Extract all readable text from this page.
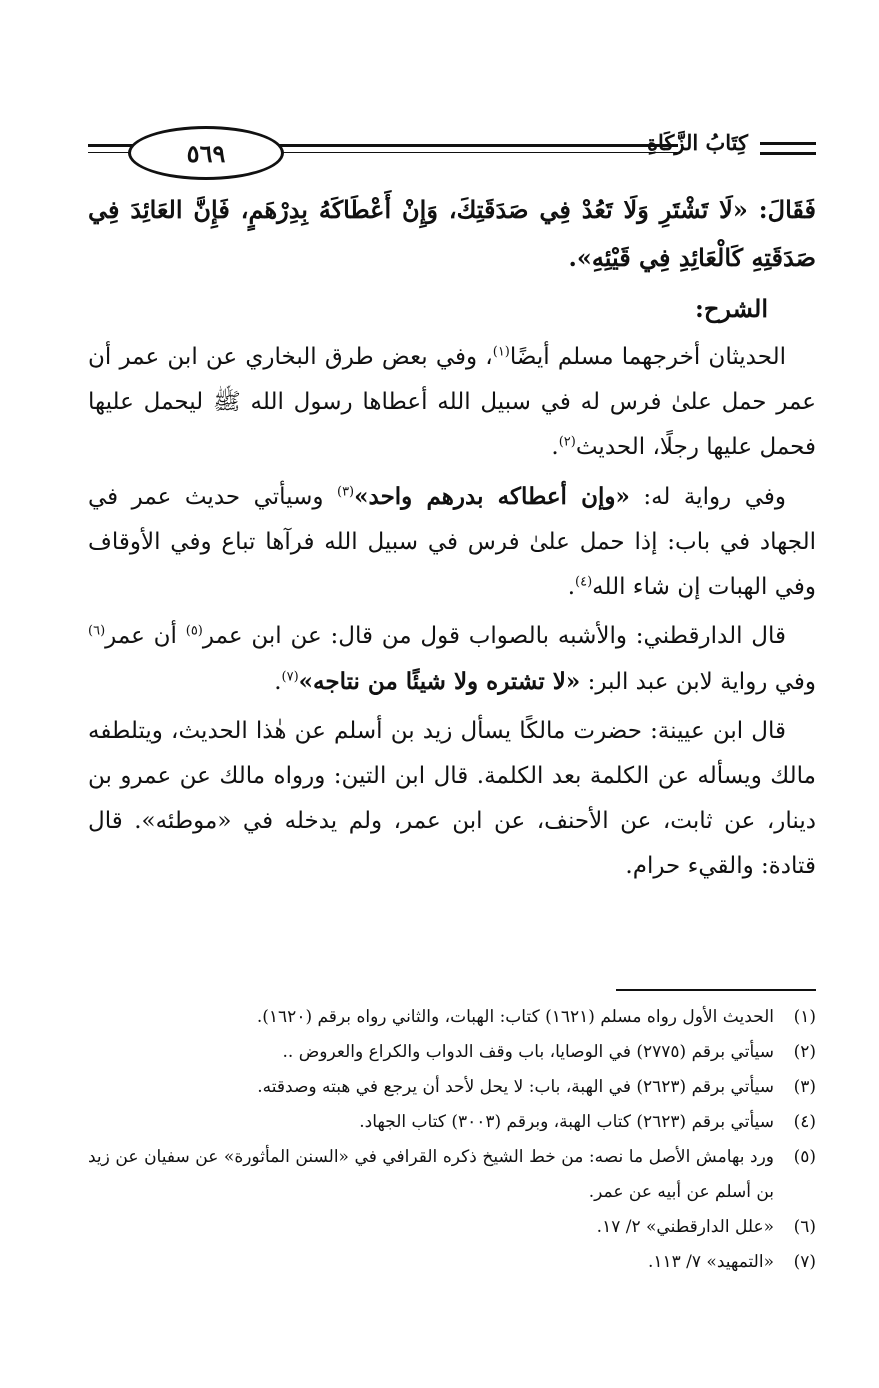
٥٦٩	كِتَابُ الزَّكَاةِ

فَقَالَ: «لَا تَشْتَرِ وَلَا تَعُدْ فِي صَدَقَتِكَ، وَإِنْ أَعْطَاكَهُ بِدِرْهَمٍ، فَإِنَّ العَائِدَ فِي صَدَقَتِهِ كَالْعَائِدِ فِي قَيْئِهِ».

الشرح:

الحديثان أخرجهما مسلم أيضًا$^{(١)}$، وفي بعض طرق البخاري عن ابن عمر أن عمر حمل علىٰ فرس له في سبيل الله أعطاها رسول الله ﷺ ليحمل عليها فحمل عليها رجلًا، الحديث$^{(٢)}$.

وفي رواية له: «وإن أعطاكه بدرهم واحد»$^{(٣)}$ وسيأتي حديث عمر في الجهاد في باب: إذا حمل علىٰ فرس في سبيل الله فرآها تباع وفي الأوقاف وفي الهبات إن شاء الله$^{(٤)}$.

قال الدارقطني: والأشبه بالصواب قول من قال: عن ابن عمر$^{(٥)}$ أن عمر$^{(٦)}$ وفي رواية لابن عبد البر: «لا تشتره ولا شيئًا من نتاجه»$^{(٧)}$.

قال ابن عيينة: حضرت مالكًا يسأل زيد بن أسلم عن هٰذا الحديث، ويتلطفه مالك ويسأله عن الكلمة بعد الكلمة. قال ابن التين: ورواه مالك عن عمرو بن دينار، عن ثابت، عن الأحنف، عن ابن عمر، ولم يدخله في «موطئه». قال قتادة: والقيء حرام.

(١)
الحديث الأول رواه مسلم (١٦٢١) كتاب: الهبات، والثاني رواه برقم (١٦٢٠).
(٢)
سيأتي برقم (٢٧٧٥) في الوصايا، باب وقف الدواب والكراع والعروض ..
(٣)
سيأتي برقم (٢٦٢٣) في الهبة، باب: لا يحل لأحد أن يرجع في هبته وصدقته.
(٤)
سيأتي برقم (٢٦٢٣) كتاب الهبة، وبرقم (٣٠٠٣) كتاب الجهاد.
(٥)
ورد بهامش الأصل ما نصه: من خط الشيخ ذكره القرافي في «السنن المأثورة» عن سفيان عن زيد بن أسلم عن أبيه عن عمر.
(٦)
«علل الدارقطني» ٢/ ١٧.
(٧)
«التمهيد» ٧/ ١١٣.
